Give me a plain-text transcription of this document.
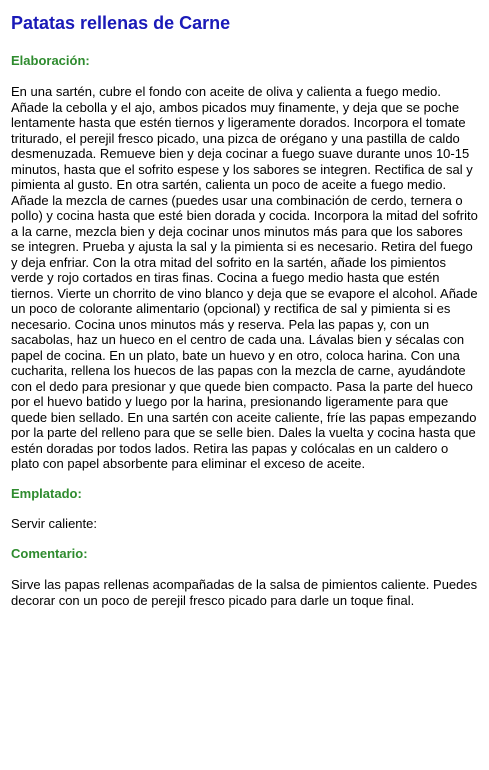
Patatas rellenas de Carne
Elaboración:

En una sartén, cubre el fondo con aceite de oliva y calienta a fuego medio. Añade la cebolla y el ajo, ambos picados muy finamente, y deja que se poche lentamente hasta que estén tiernos y ligeramente dorados. Incorpora el tomate triturado, el perejil fresco picado, una pizca de orégano y una pastilla de caldo desmenuzada. Remueve bien y deja cocinar a fuego suave durante unos 10-15 minutos, hasta que el sofrito espese y los sabores se integren. Rectifica de sal y pimienta al gusto. En otra sartén, calienta un poco de aceite a fuego medio. Añade la mezcla de carnes (puedes usar una combinación de cerdo, ternera o pollo) y cocina hasta que esté bien dorada y cocida. Incorpora la mitad del sofrito a la carne, mezcla bien y deja cocinar unos minutos más para que los sabores se integren. Prueba y ajusta la sal y la pimienta si es necesario. Retira del fuego y deja enfriar. Con la otra mitad del sofrito en la sartén, añade los pimientos verde y rojo cortados en tiras finas. Cocina a fuego medio hasta que estén tiernos. Vierte un chorrito de vino blanco y deja que se evapore el alcohol. Añade un poco de colorante alimentario (opcional) y rectifica de sal y pimienta si es necesario. Cocina unos minutos más y reserva. Pela las papas y, con un sacabolas, haz un hueco en el centro de cada una. Lávalas bien y sécalas con papel de cocina. En un plato, bate un huevo y en otro, coloca harina. Con una cucharita, rellena los huecos de las papas con la mezcla de carne, ayudándote con el dedo para presionar y que quede bien compacto. Pasa la parte del hueco por el huevo batido y luego por la harina, presionando ligeramente para que quede bien sellado. En una sartén con aceite caliente, fríe las papas empezando por la parte del relleno para que se selle bien. Dales la vuelta y cocina hasta que estén doradas por todos lados. Retira las papas y colócalas en un caldero o plato con papel absorbente para eliminar el exceso de aceite.

Emplatado:

Servir caliente:

Comentario:

Sirve las papas rellenas acompañadas de la salsa de pimientos caliente. Puedes decorar con un poco de perejil fresco picado para darle un toque final.
